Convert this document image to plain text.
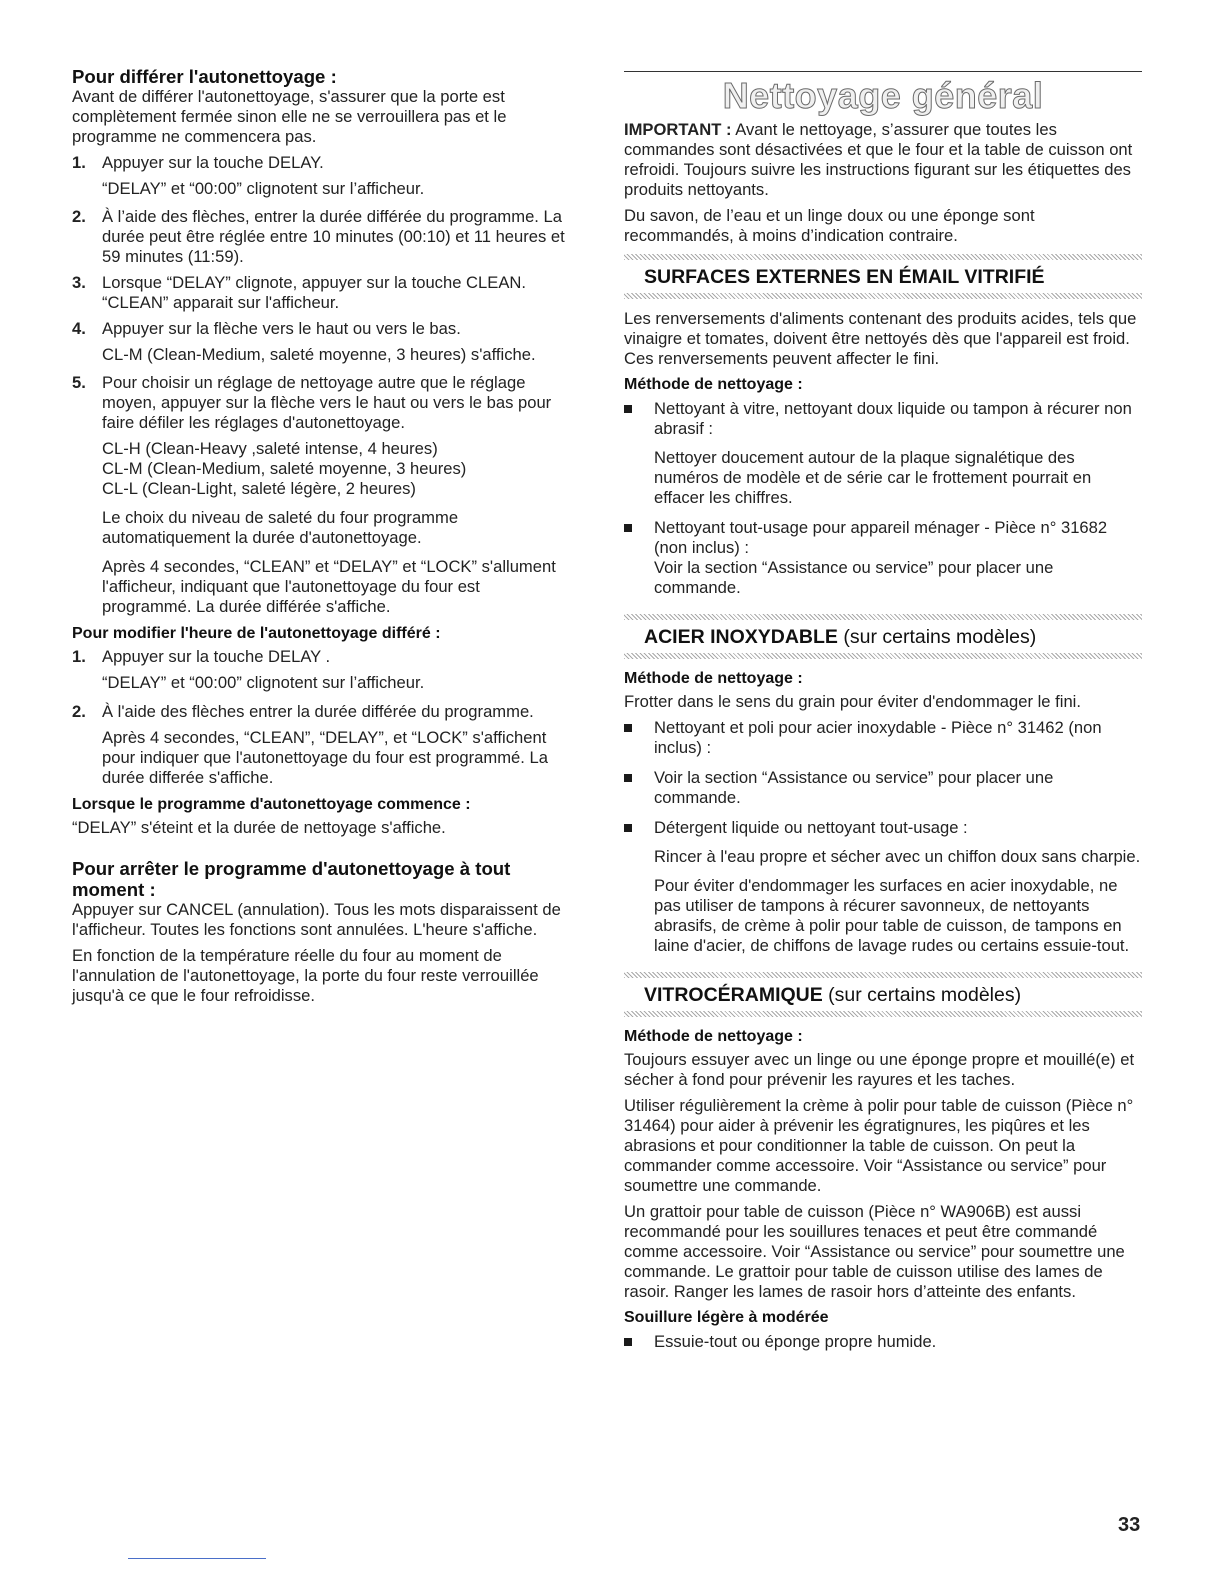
Pour différer l'autonettoyage :

Avant de différer l'autonettoyage, s'assurer que la porte est complètement fermée sinon elle ne se verrouillera pas et le programme ne commencera pas.

1. Appuyer sur la touche DELAY.

“DELAY” et “00:00” clignotent sur l’afficheur.

2. À l’aide des flèches, entrer la durée différée du programme. La durée peut être réglée entre 10 minutes (00:10) et 11 heures et 59 minutes (11:59).

3. Lorsque “DELAY” clignote, appuyer sur la touche CLEAN. “CLEAN” apparait sur l'afficheur.

4. Appuyer sur la flèche vers le haut ou vers le bas.

CL-M (Clean-Medium, saleté moyenne, 3 heures) s'affiche.

5. Pour choisir un réglage de nettoyage autre que le réglage moyen, appuyer sur la flèche vers le haut ou vers le bas pour faire défiler les réglages d'autonettoyage.

CL-H (Clean-Heavy ,saleté intense, 4 heures)
CL-M (Clean-Medium, saleté moyenne, 3 heures)
CL-L (Clean-Light, saleté légère, 2 heures)

Le choix du niveau de saleté du four programme automatiquement la durée d'autonettoyage.

Après 4 secondes, “CLEAN” et “DELAY” et “LOCK” s'allument l'afficheur, indiquant que l'autonettoyage du four est programmé. La durée différée s'affiche.

Pour modifier l'heure de l'autonettoyage différé :

1. Appuyer sur la touche DELAY .

“DELAY” et “00:00” clignotent sur l’afficheur.

2. À l'aide des flèches entrer la durée différée du programme.

Après 4 secondes, “CLEAN”, “DELAY”, et “LOCK” s'affichent pour indiquer que l'autonettoyage du four est programmé. La durée differée s'affiche.

Lorsque le programme d'autonettoyage commence :

“DELAY” s'éteint et la durée de nettoyage s'affiche.

Pour arrêter le programme d'autonettoyage à tout moment :

Appuyer sur CANCEL (annulation). Tous les mots disparaissent de l'afficheur. Toutes les fonctions sont annulées. L'heure s'affiche.

En fonction de la température réelle du four au moment de l'annulation de l'autonettoyage, la porte du four reste verrouillée jusqu'à ce que le four refroidisse.

Nettoyage général

IMPORTANT : Avant le nettoyage, s’assurer que toutes les commandes sont désactivées et que le four et la table de cuisson ont refroidi. Toujours suivre les instructions figurant sur les étiquettes des produits nettoyants.

Du savon, de l’eau et un linge doux ou une éponge sont recommandés, à moins d’indication contraire.

SURFACES EXTERNES EN ÉMAIL VITRIFIÉ

Les renversements d'aliments contenant des produits acides, tels que vinaigre et tomates, doivent être nettoyés dès que l'appareil est froid. Ces renversements peuvent affecter le fini.

Méthode de nettoyage :

Nettoyant à vitre, nettoyant doux liquide ou tampon à récurer non abrasif :

Nettoyer doucement autour de la plaque signalétique des numéros de modèle et de série car le frottement pourrait en effacer les chiffres.

Nettoyant tout-usage pour appareil ménager - Pièce n° 31682 (non inclus) :
Voir la section “Assistance ou service” pour placer une commande.

ACIER INOXYDABLE (sur certains modèles)

Méthode de nettoyage :

Frotter dans le sens du grain pour éviter d'endommager le fini.

Nettoyant et poli pour acier inoxydable - Pièce n° 31462 (non inclus) :

Voir la section “Assistance ou service” pour placer une commande.

Détergent liquide ou nettoyant tout-usage :

Rincer à l'eau propre et sécher avec un chiffon doux sans charpie.

Pour éviter d'endommager les surfaces en acier inoxydable, ne pas utiliser de tampons à récurer savonneux, de nettoyants abrasifs, de crème à polir pour table de cuisson, de tampons en laine d'acier, de chiffons de lavage rudes ou certains essuie-tout.

VITROCÉRAMIQUE (sur certains modèles)

Méthode de nettoyage :

Toujours essuyer avec un linge ou une éponge propre et mouillé(e) et sécher à fond pour prévenir les rayures et les taches.

Utiliser régulièrement la crème à polir pour table de cuisson (Pièce n° 31464) pour aider à prévenir les égratignures, les piqûres et les abrasions et pour conditionner la table de cuisson. On peut la commander comme accessoire. Voir “Assistance ou service” pour soumettre une commande.

Un grattoir pour table de cuisson (Pièce n° WA906B) est aussi recommandé pour les souillures tenaces et peut être commandé comme accessoire. Voir “Assistance ou service” pour soumettre une commande. Le grattoir pour table de cuisson utilise des lames de rasoir. Ranger les lames de rasoir hors d’atteinte des enfants.

Souillure légère à modérée

Essuie-tout ou éponge propre humide.

33
